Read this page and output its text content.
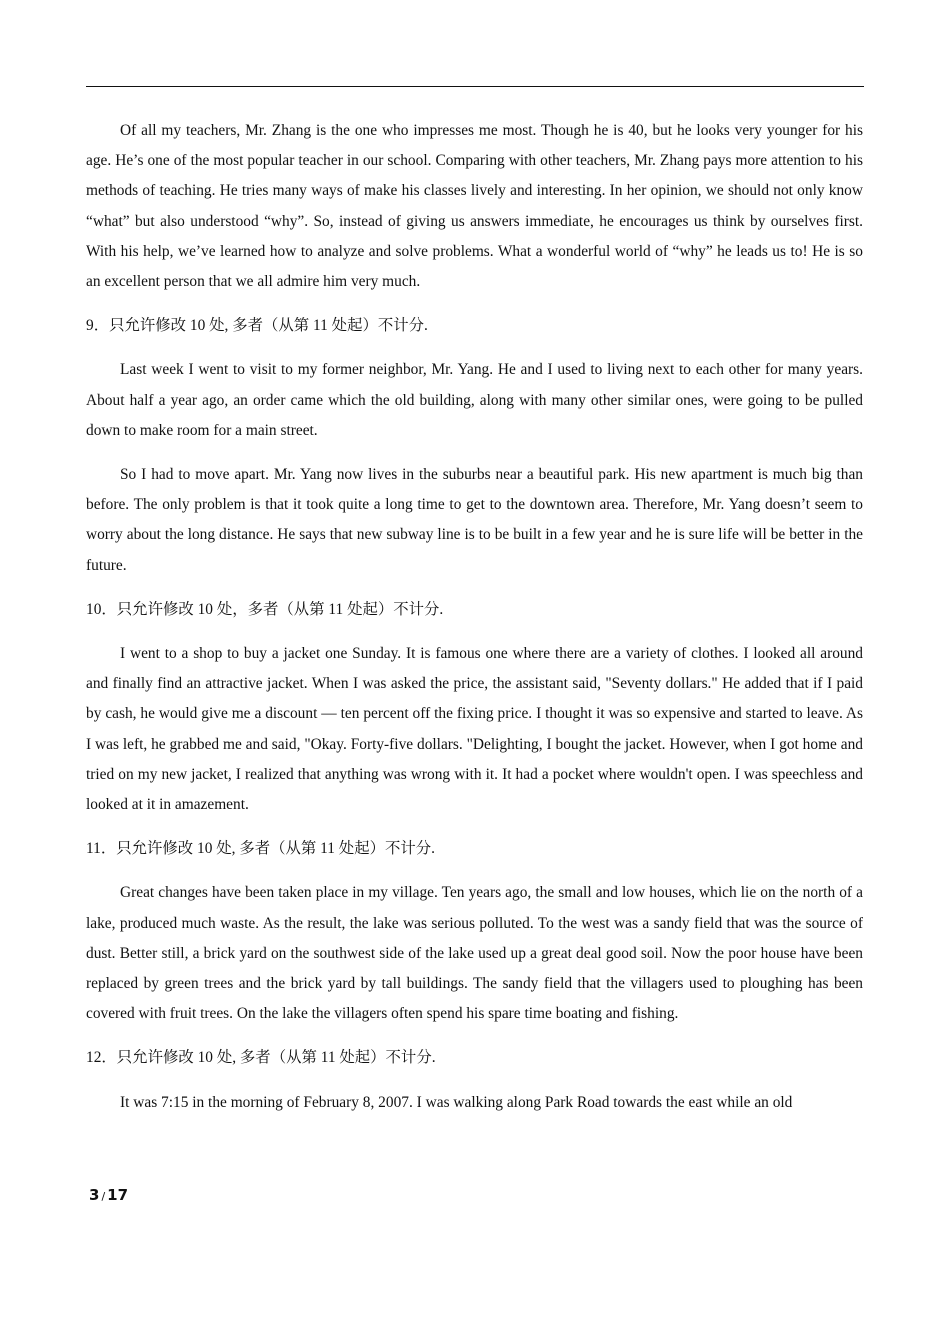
Of all my teachers, Mr. Zhang is the one who impresses me most. Though he is 40, but he looks very younger for his age. He’s one of the most popular teacher in our school. Comparing with other teachers, Mr. Zhang pays more attention to his methods of teaching. He tries many ways of make his classes lively and interesting. In her opinion, we should not only know “what” but also understood “why”. So, instead of giving us answers immediate, he encourages us think by ourselves first. With his help, we’ve learned how to analyze and solve problems. What a wonderful world of “why” he leads us to! He is so an excellent person that we all admire him very much.

9．只允许修改 10 处, 多者（从第 11 处起）不计分.

Last week I went to visit to my former neighbor, Mr. Yang. He and I used to living next to each other for many years. About half a year ago, an order came which the old building, along with many other similar ones, were going to be pulled down to make room for a main street.

So I had to move apart. Mr. Yang now lives in the suburbs near a beautiful park. His new apartment is much big than before. The only problem is that it took quite a long time to get to the downtown area. Therefore, Mr. Yang doesn’t seem to worry about the long distance. He says that new subway line is to be built in a few year and he is sure life will be better in the future.

10．只允许修改 10 处，多者（从第 11 处起）不计分.

I went to a shop to buy a jacket one Sunday. It is famous one where there are a variety of clothes. I looked all around and finally find an attractive jacket. When I was asked the price, the assistant said, "Seventy dollars." He added that if I paid by cash, he would give me a discount — ten percent off the fixing price. I thought it was so expensive and started to leave. As I was left, he grabbed me and said, "Okay. Forty-five dollars. "Delighting, I bought the jacket. However, when I got home and tried on my new jacket, I realized that anything was wrong with it. It had a pocket where wouldn't open. I was speechless and looked at it in amazement.

11．只允许修改 10 处, 多者（从第 11 处起）不计分.

Great changes have been taken place in my village. Ten years ago, the small and low houses, which lie on the north of a lake, produced much waste. As the result, the lake was serious polluted. To the west was a sandy field that was the source of dust. Better still, a brick yard on the southwest side of the lake used up a great deal good soil. Now the poor house have been replaced by green trees and the brick yard by tall buildings. The sandy field that the villagers used to ploughing has been covered with fruit trees. On the lake the villagers often spend his spare time boating and fishing.

12．只允许修改 10 处, 多者（从第 11 处起）不计分.

It was 7:15 in the morning of February 8, 2007. I was walking along Park Road towards the east while an old

3 / 17
